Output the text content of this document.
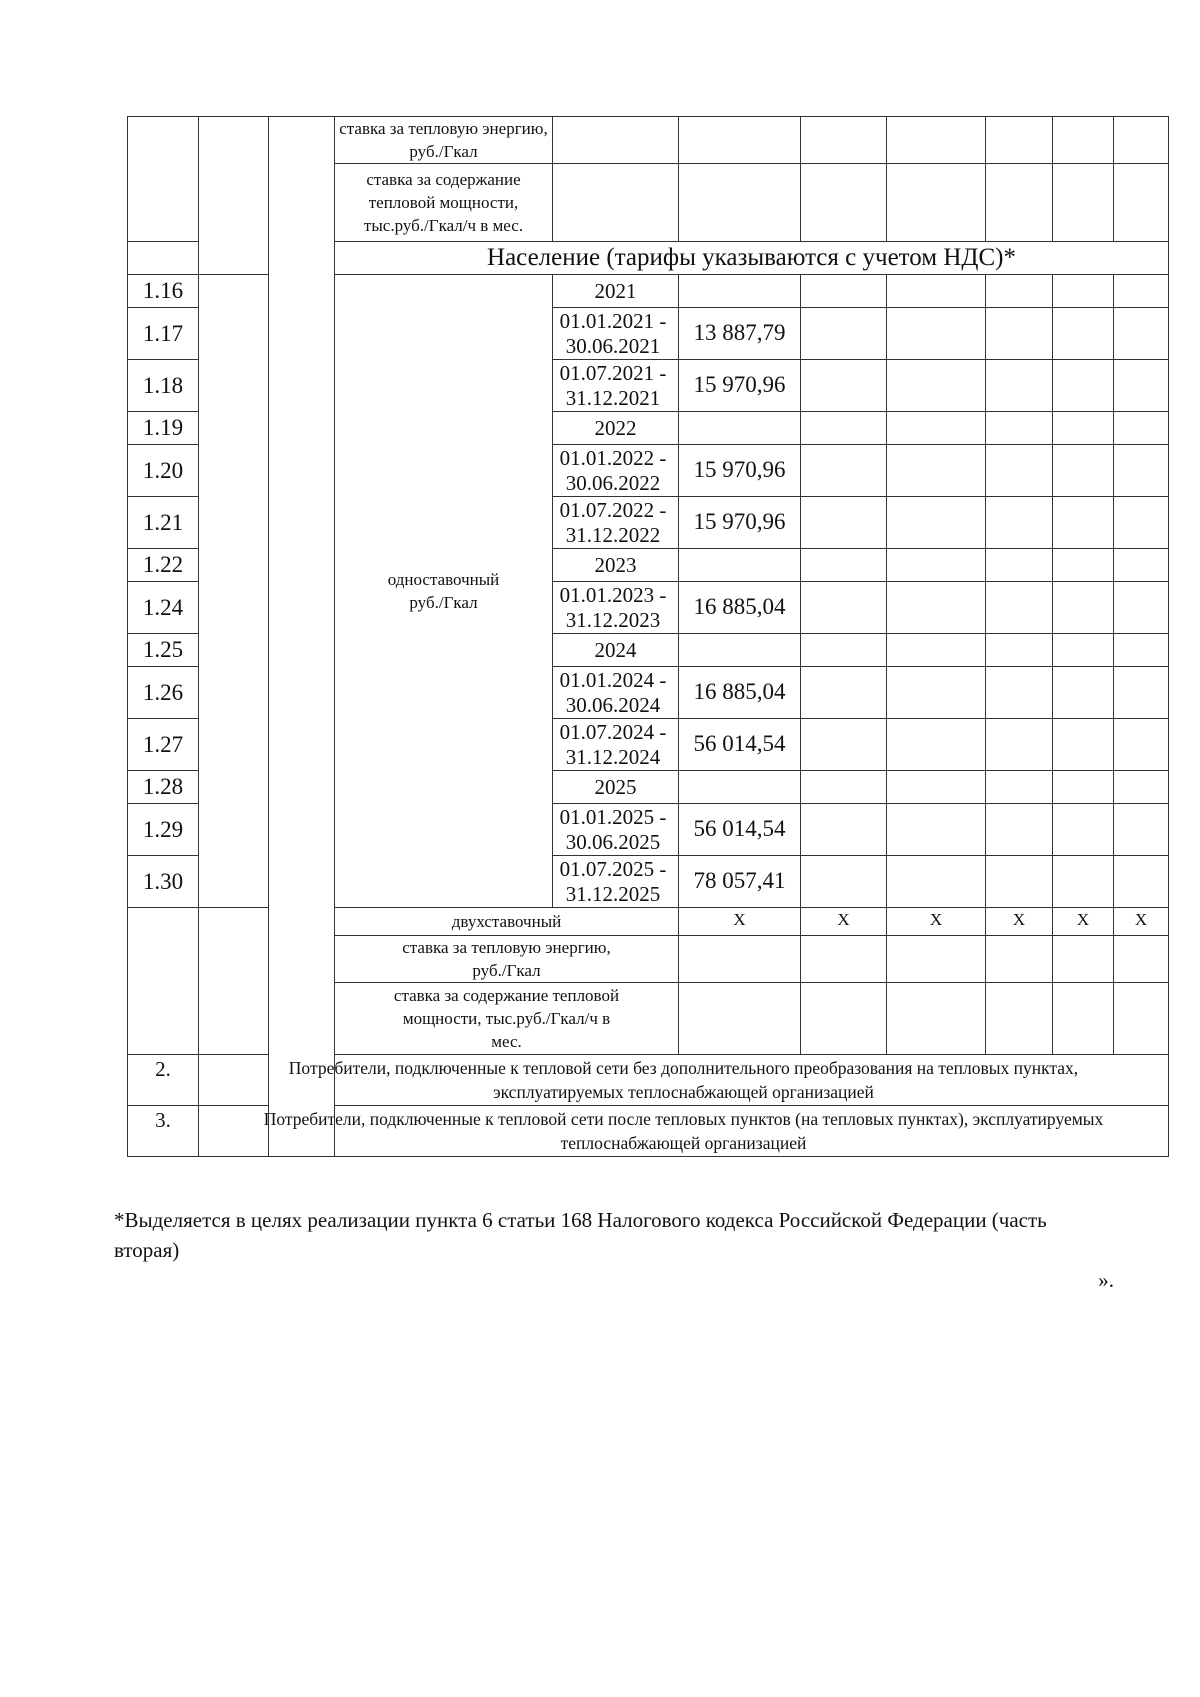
			ставка за тепловую энергию, руб./Гкал								
			ставка за содержание тепловой мощности, тыс.руб./Гкал/ч в мес.								
			Население (тарифы указываются с учетом НДС)*								
1.16			одноставочный руб./Гкал	2021							
1.17				01.01.2021 - 30.06.2021	13 887,79						
1.18				01.07.2021 - 31.12.2021	15 970,96						
1.19				2022							
1.20				01.01.2022 - 30.06.2022	15 970,96						
1.21				01.07.2022 - 31.12.2022	15 970,96						
1.22				2023							
1.24				01.01.2023 - 31.12.2023	16 885,04						
1.25				2024							
1.26				01.01.2024 - 30.06.2024	16 885,04						
1.27				01.07.2024 - 31.12.2024	56 014,54						
1.28				2025							
1.29				01.01.2025 - 30.06.2025	56 014,54						
1.30				01.07.2025 - 31.12.2025	78 057,41						
			двухставочный		X	X	X	X	X	X	
			ставка за тепловую энергию, руб./Гкал								
			ставка за содержание тепловой мощности, тыс.руб./Гкал/ч в мес.								
2.	Потребители, подключенные к тепловой сети без дополнительного преобразования на тепловых пунктах, эксплуатируемых теплоснабжающей организацией										
3.	Потребители, подключенные к тепловой сети после тепловых пунктов (на тепловых пунктах), эксплуатируемых теплоснабжающей организацией										
*Выделяется в целях реализации пункта 6 статьи 168 Налогового кодекса Российской Федерации (часть вторая)
».
